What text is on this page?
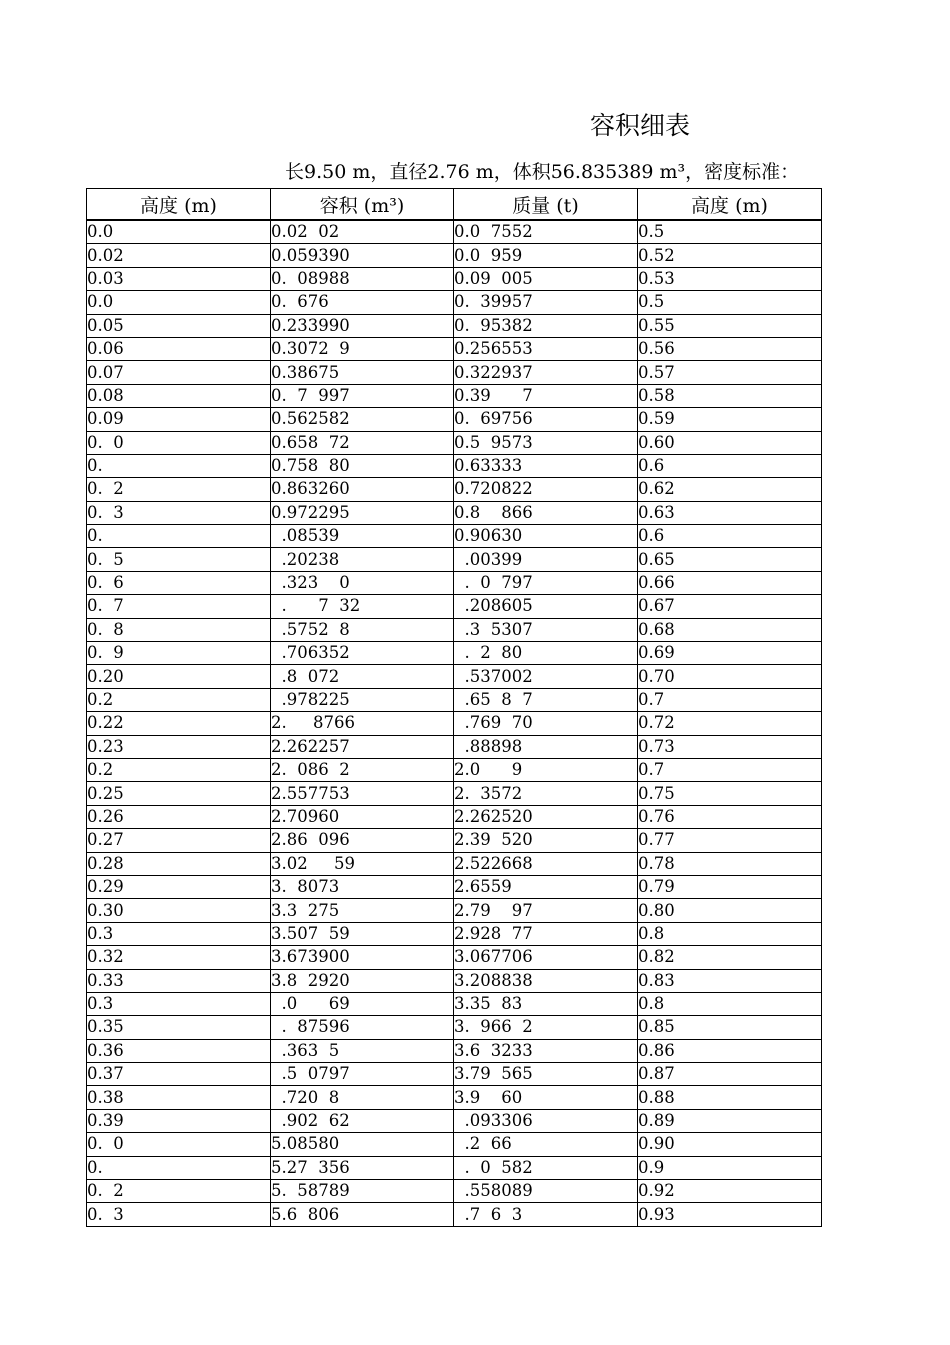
容积细表
长9.50 m，直径2.76 m，体积56.835389 m³，密度标准：
高度 (m)	容积 (m³)	质量 (t)	高度 (m)
0.0	0.02  02	0.0  7552	0.5
0.02	0.059390	0.0  959	0.52
0.03	0.  08988	0.09  005	0.53
0.0	0.  676	0.  39957	0.5
0.05	0.233990	0.  95382	0.55
0.06	0.3072  9	0.256553	0.56
0.07	0.38675	0.322937	0.57
0.08	0.  7  997	0.39      7	0.58
0.09	0.562582	0.  69756	0.59
0.  0	0.658  72	0.5  9573	0.60
0.	0.758  80	0.63333	0.6
0.  2	0.863260	0.720822	0.62
0.  3	0.972295	0.8    866	0.63
0.	.08539	0.90630	0.6
0.  5	.20238	.00399	0.65
0.  6	.323    0	.  0  797	0.66
0.  7	.      7  32	.208605	0.67
0.  8	.5752  8	.3  5307	0.68
0.  9	.706352	.  2  80	0.69
0.20	.8  072	.537002	0.70
0.2	.978225	.65  8  7	0.7
0.22	2.     8766	.769  70	0.72
0.23	2.262257	.88898	0.73
0.2	2.  086  2	2.0      9	0.7
0.25	2.557753	2.  3572	0.75
0.26	2.70960	2.262520	0.76
0.27	2.86  096	2.39  520	0.77
0.28	3.02     59	2.522668	0.78
0.29	3.  8073	2.6559	0.79
0.30	3.3  275	2.79    97	0.80
0.3	3.507  59	2.928  77	0.8
0.32	3.673900	3.067706	0.82
0.33	3.8  2920	3.208838	0.83
0.3	.0      69	3.35  83	0.8
0.35	.  87596	3.  966  2	0.85
0.36	.363  5	3.6  3233	0.86
0.37	.5  0797	3.79  565	0.87
0.38	.720  8	3.9    60	0.88
0.39	.902  62	.093306	0.89
0.  0	5.08580	.2  66	0.90
0.	5.27  356	.  0  582	0.9
0.  2	5.  58789	.558089	0.92
0.  3	5.6  806	.7  6  3	0.93
